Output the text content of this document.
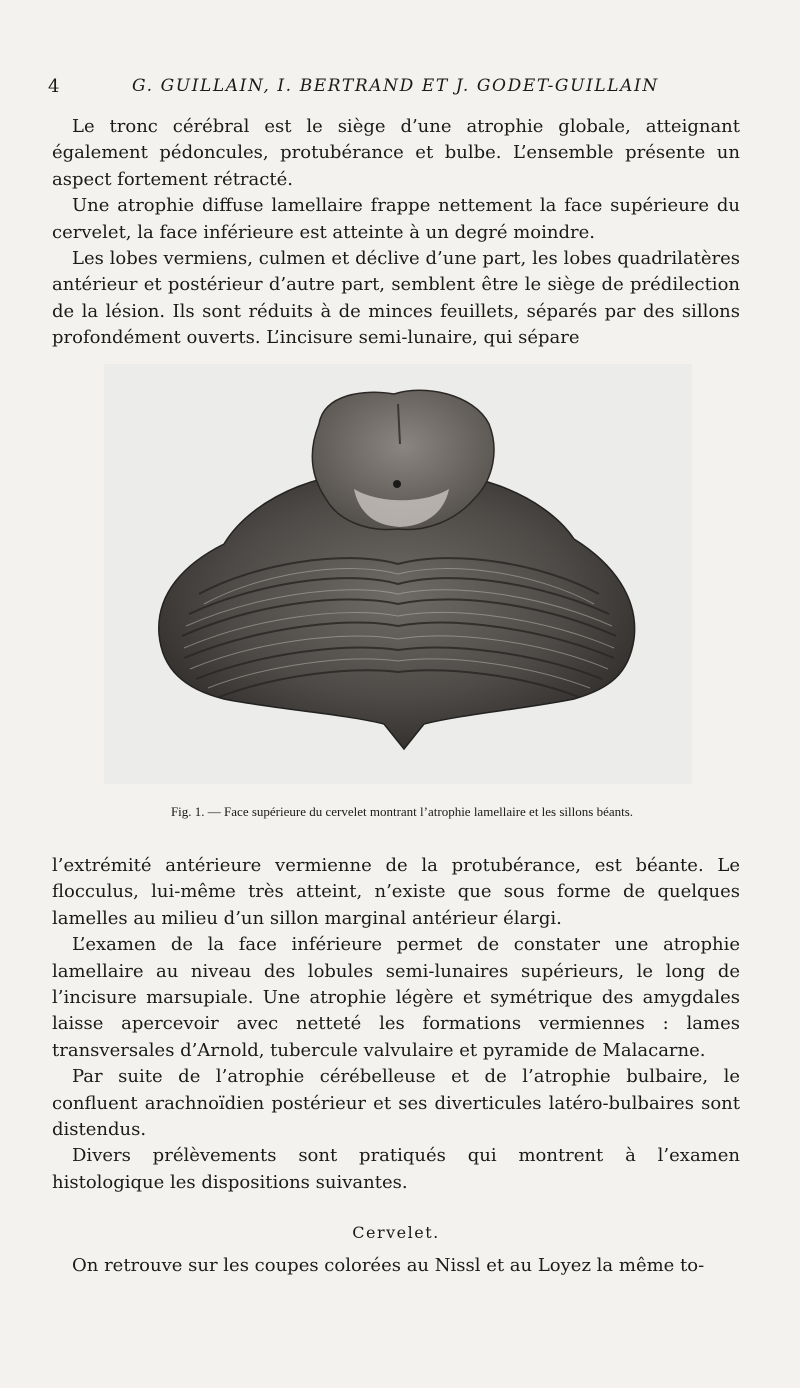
4	G. GUILLAIN, I. BERTRAND ET J. GODET-GUILLAIN

Le tronc cérébral est le siège d’une atrophie globale, atteignant également pédoncules, protubérance et bulbe. L’ensemble présente un aspect fortement rétracté.

Une atrophie diffuse lamellaire frappe nettement la face supérieure du cervelet, la face inférieure est atteinte à un degré moindre.

Les lobes vermiens, culmen et déclive d’une part, les lobes quadrilatères antérieur et postérieur d’autre part, semblent être le siège de prédilection de la lésion. Ils sont réduits à de minces feuillets, séparés par des sillons profondément ouverts. L’incisure semi-lunaire, qui sépare

Fig. 1. — Face supérieure du cervelet montrant l’atrophie lamellaire et les sillons béants.

l’extrémité antérieure vermienne de la protubérance, est béante. Le flocculus, lui-même très atteint, n’existe que sous forme de quelques lamelles au milieu d’un sillon marginal antérieur élargi.

L’examen de la face inférieure permet de constater une atrophie lamellaire au niveau des lobules semi-lunaires supérieurs, le long de l’incisure marsupiale. Une atrophie légère et symétrique des amygdales laisse apercevoir avec netteté les formations vermiennes : lames transversales d’Arnold, tubercule valvulaire et pyramide de Malacarne.

Par suite de l’atrophie cérébelleuse et de l’atrophie bulbaire, le confluent arachnoïdien postérieur et ses diverticules latéro-bulbaires sont distendus.

Divers prélèvements sont pratiqués qui montrent à l’examen histologique les dispositions suivantes.

Cervelet.

On retrouve sur les coupes colorées au Nissl et au Loyez la même to-
